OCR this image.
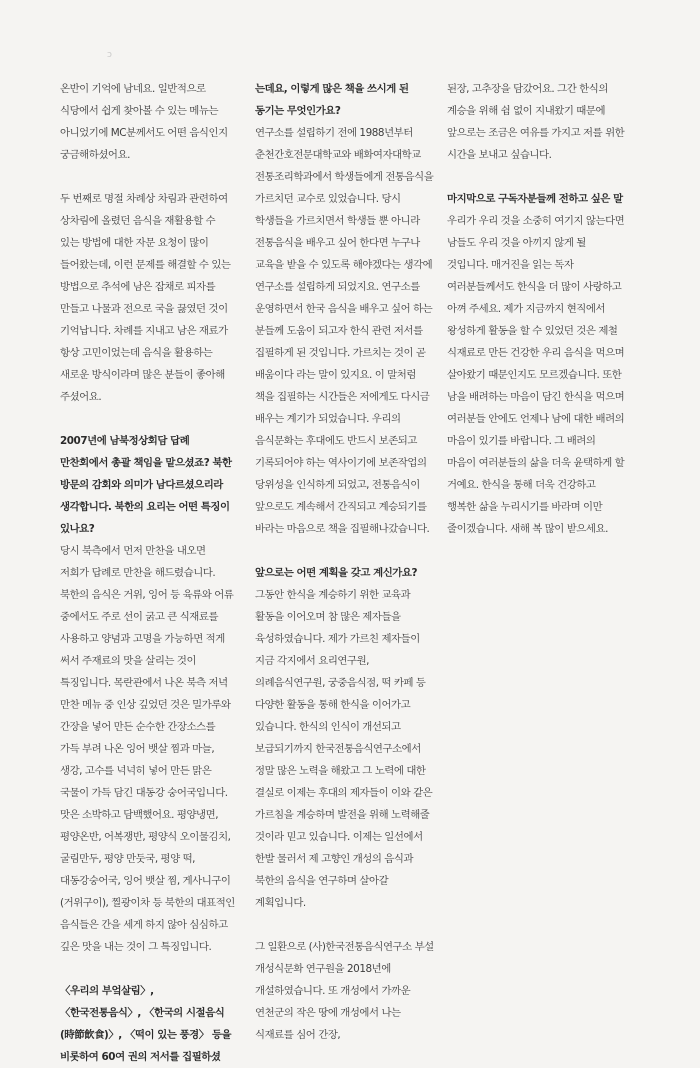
ↄ

온반이 기억에 남네요. 일반적으로 식당에서 쉽게 찾아볼 수 있는 메뉴는 아니었기에 MC분께서도 어떤 음식인지 궁금해하셨어요.

두 번째로 명절 차례상 차림과 관련하여 상차림에 올렸던 음식을 재활용할 수 있는 방법에 대한 자문 요청이 많이 들어왔는데, 이런 문제를 해결할 수 있는 방법으로 추석에 남은 잡채로 피자를 만들고 나물과 전으로 국을 끓였던 것이 기억납니다. 차례를 지내고 남은 재료가 항상 고민이었는데 음식을 활용하는 새로운 방식이라며 많은 분들이 좋아해 주셨어요.

2007년에 남북정상회담 답례 만찬회에서 총괄 책임을 맡으셨죠? 북한 방문의 감회와 의미가 남다르셨으리라 생각합니다. 북한의 요리는 어떤 특징이 있나요?

당시 북측에서 먼저 만찬을 내오면 저희가 답례로 만찬을 해드렸습니다. 북한의 음식은 거위, 잉어 등 육류와 어류 중에서도 주로 선이 굵고 큰 식재료를 사용하고 양념과 고명을 가능하면 적게 써서 주재료의 맛을 살리는 것이 특징입니다. 목란관에서 나온 북측 저녁 만찬 메뉴 중 인상 깊었던 것은 밀가루와 간장을 넣어 만든 순수한 간장소스를 가득 부려 나온 잉어 뱃살 찜과 마늘, 생강, 고수를 넉넉히 넣어 만든 맑은 국물이 가득 담긴 대동강 숭어국입니다. 맛은 소박하고 담백했어요. 평양냉면, 평양온반, 어복쟁반, 평양식 오이물김치, 굴림만두, 평양 만둣국, 평양 떡, 대동강숭어국, 잉어 뱃살 찜, 게사니구이(거위구이), 찔광이차 등 북한의 대표적인 음식들은 간을 세게 하지 않아 심심하고 깊은 맛을 내는 것이 그 특징입니다.

〈우리의 부엌살림〉, 〈한국전통음식〉, 〈한국의 시절음식(時節飮食)〉, 〈떡이 있는 풍경〉 등을 비롯하여 60여 권의 저서를 집필하셨

는데요, 이렇게 많은 책을 쓰시게 된 동기는 무엇인가요?

연구소를 설립하기 전에 1988년부터 춘천간호전문대학교와 배화여자대학교 전통조리학과에서 학생들에게 전통음식을 가르치던 교수로 있었습니다. 당시 학생들을 가르치면서 학생들 뿐 아니라 전통음식을 배우고 싶어 한다면 누구나 교육을 받을 수 있도록 해야겠다는 생각에 연구소를 설립하게 되었지요. 연구소를 운영하면서 한국 음식을 배우고 싶어 하는 분들께 도움이 되고자 한식 관련 저서를 집필하게 된 것입니다. 가르치는 것이 곧 배움이다 라는 말이 있지요. 이 말처럼 책을 집필하는 시간들은 저에게도 다시금 배우는 계기가 되었습니다. 우리의 음식문화는 후대에도 반드시 보존되고 기록되어야 하는 역사이기에 보존작업의 당위성을 인식하게 되었고, 전통음식이 앞으로도 계속해서 간직되고 계승되기를 바라는 마음으로 책을 집필해나갔습니다.

앞으로는 어떤 계획을 갖고 계신가요?

그동안 한식을 계승하기 위한 교육과 활동을 이어오며 참 많은 제자들을 육성하였습니다. 제가 가르친 제자들이 지금 각지에서 요리연구원, 의례음식연구원, 궁중음식점, 떡 카페 등 다양한 활동을 통해 한식을 이어가고 있습니다. 한식의 인식이 개선되고 보급되기까지 한국전통음식연구소에서 정말 많은 노력을 해왔고 그 노력에 대한 결실로 이제는 후대의 제자들이 이와 같은 가르침을 계승하며 발전을 위해 노력해줄 것이라 믿고 있습니다. 이제는 일선에서 한발 물러서 제 고향인 개성의 음식과 북한의 음식을 연구하며 살아갈 계획입니다.

그 일환으로 (사)한국전통음식연구소 부설 개성식문화 연구원을 2018년에 개설하였습니다. 또 개성에서 가까운 연천군의 작은 땅에 개성에서 나는 식재료를 심어 간장,

된장, 고추장을 담갔어요. 그간 한식의 계승을 위해 쉼 없이 지내왔기 때문에 앞으로는 조금은 여유를 가지고 저를 위한 시간을 보내고 싶습니다.

마지막으로 구독자분들께 전하고 싶은 말

우리가 우리 것을 소중히 여기지 않는다면 남들도 우리 것을 아끼지 않게 될 것입니다. 매거진을 읽는 독자 여러분들께서도 한식을 더 많이 사랑하고 아껴 주세요. 제가 지금까지 현직에서 왕성하게 활동을 할 수 있었던 것은 제철 식재료로 만든 건강한 우리 음식을 먹으며 살아왔기 때문인지도 모르겠습니다. 또한 남을 배려하는 마음이 담긴 한식을 먹으며 여러분들 안에도 언제나 남에 대한 배려의 마음이 있기를 바랍니다. 그 배려의 마음이 여러분들의 삶을 더욱 윤택하게 할 거예요. 한식을 통해 더욱 건강하고 행복한 삶을 누리시기를 바라며 이만 줄이겠습니다. 새해 복 많이 받으세요.
